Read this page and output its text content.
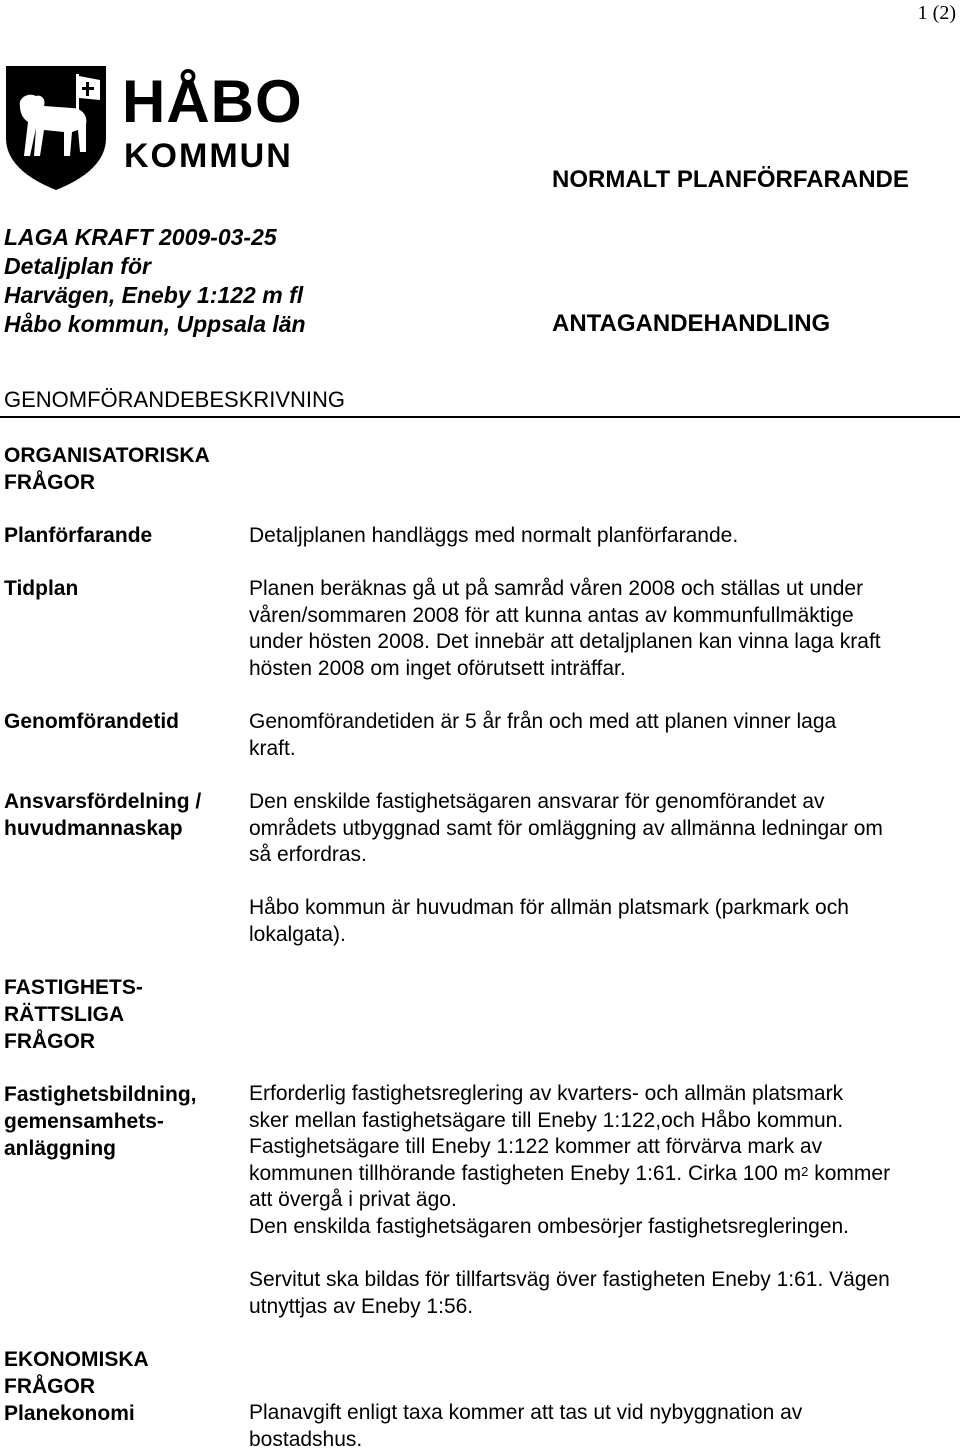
1 (2)
HÅBO
KOMMUN
NORMALT PLANFÖRFARANDE
ANTAGANDEHANDLING
LAGA KRAFT 2009-03-25
Detaljplan för
Harvägen, Eneby 1:122 m fl
Håbo kommun, Uppsala län
GENOMFÖRANDEBESKRIVNING
ORGANISATORISKA
FRÅGOR
Planförfarande
Tidplan
Genomförandetid
Ansvarsfördelning /
huvudmannaskap
FASTIGHETS-
RÄTTSLIGA
FRÅGOR
Fastighetsbildning,
gemensamhets-
anläggning
EKONOMISKA
FRÅGOR
Planekonomi
Detaljplanen handläggs med normalt planförfarande.
Planen beräknas gå ut på samråd våren 2008 och ställas ut under
våren/sommaren 2008 för att kunna antas av kommunfullmäktige
under hösten 2008. Det innebär att detaljplanen kan vinna laga kraft
hösten 2008 om inget oförutsett inträffar.
Genomförandetiden är 5 år från och med att planen vinner laga
kraft.
Den enskilde fastighetsägaren ansvarar för genomförandet av
områdets utbyggnad samt för omläggning av allmänna ledningar om
så erfordras.
Håbo kommun är huvudman för allmän platsmark (parkmark och
lokalgata).
Erforderlig fastighetsreglering av kvarters- och allmän platsmark
sker mellan fastighetsägare till Eneby 1:122,och Håbo kommun.
Fastighetsägare till Eneby 1:122 kommer att förvärva mark av
kommunen tillhörande fastigheten Eneby 1:61. Cirka 100 $m^2$ kommer
att övergå i privat ägo.
Den enskilda fastighetsägaren ombesörjer fastighetsregleringen.
Servitut ska bildas för tillfartsväg över fastigheten Eneby 1:61. Vägen
utnyttjas av Eneby 1:56.
Planavgift enligt taxa kommer att tas ut vid nybyggnation av
bostadshus.
